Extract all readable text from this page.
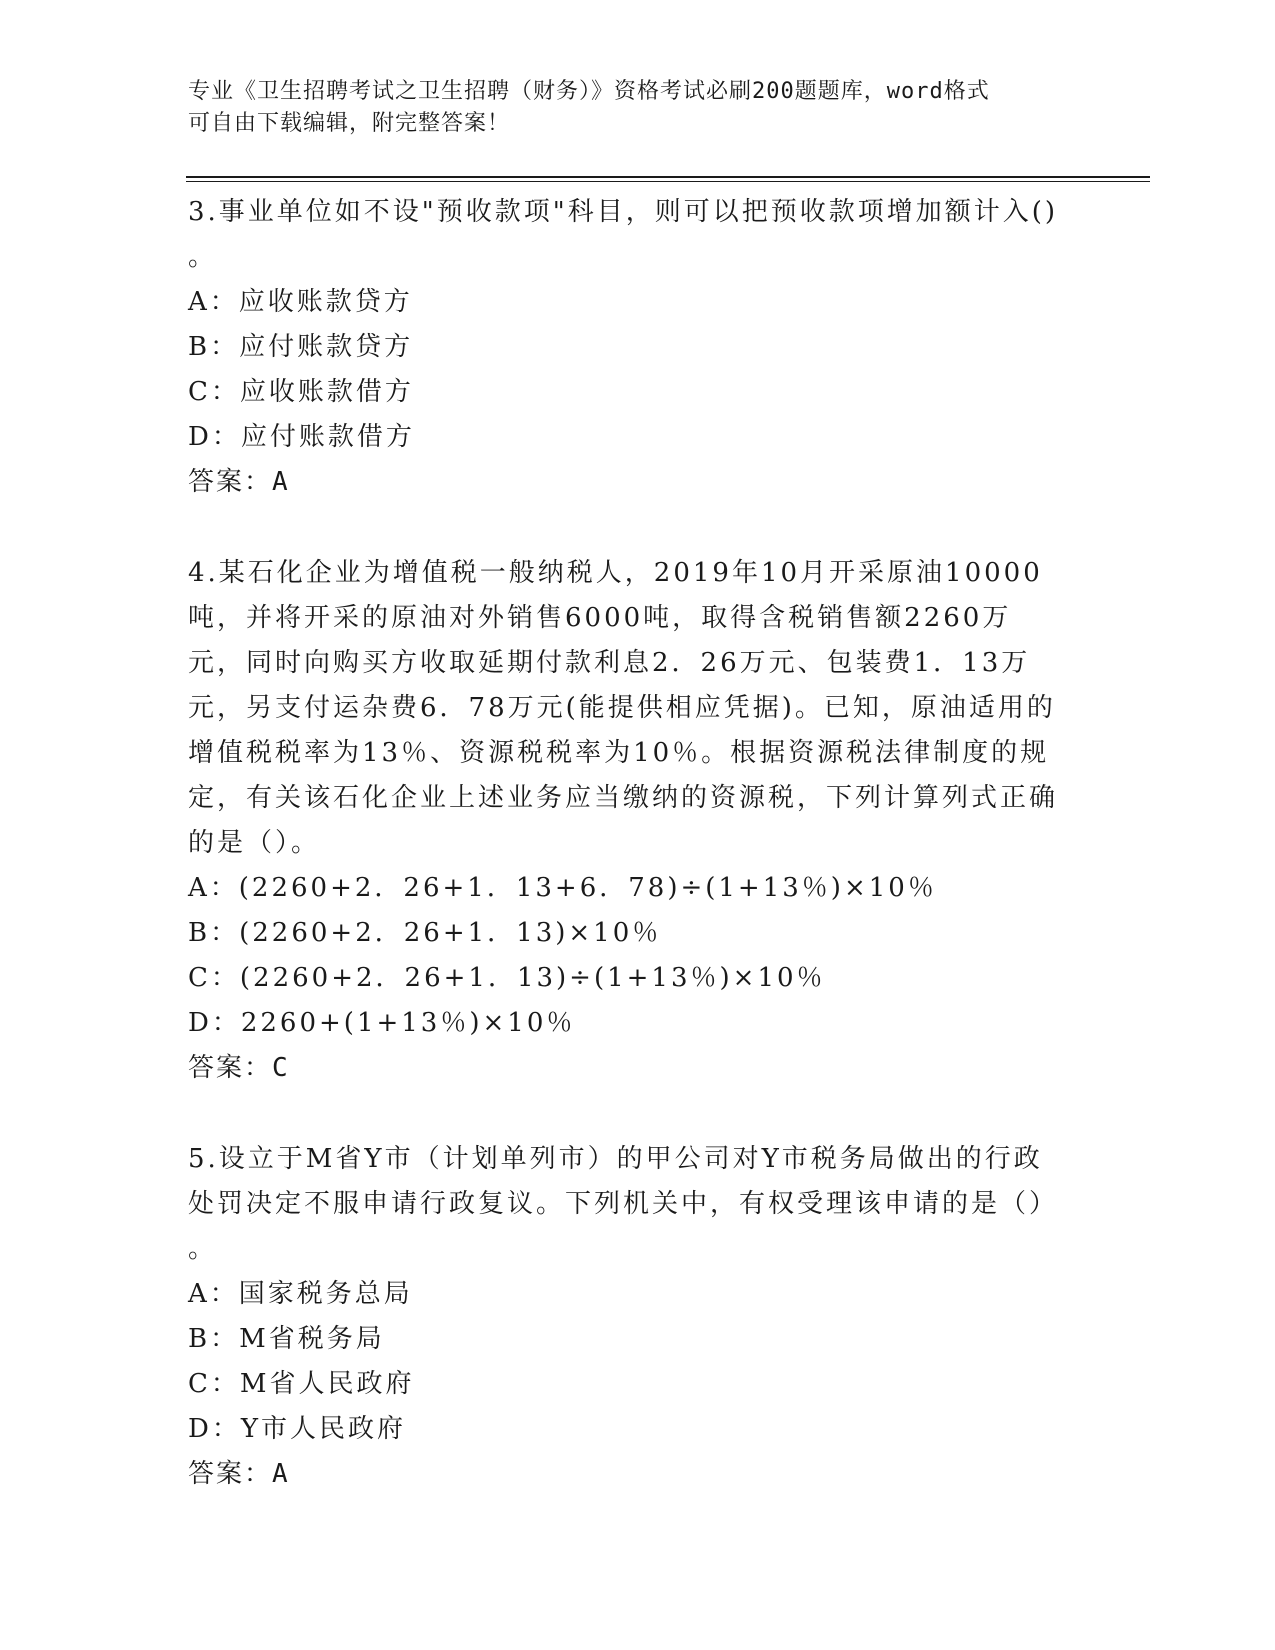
专业《卫生招聘考试之卫生招聘（财务）》资格考试必刷200题题库，word格式
可自由下载编辑，附完整答案！
3.事业单位如不设"预收款项"科目，则可以把预收款项增加额计入()
。
A：应收账款贷方
B：应付账款贷方
C：应收账款借方
D：应付账款借方
答案：A
4.某石化企业为增值税一般纳税人，2019年10月开采原油10000吨，并将开采的原油对外销售6000吨，取得含税销售额2260万元，同时向购买方收取延期付款利息2．26万元、包装费1．13万元，另支付运杂费6．78万元(能提供相应凭据)。已知，原油适用的增值税税率为13％、资源税税率为10％。根据资源税法律制度的规定，有关该石化企业上述业务应当缴纳的资源税，下列计算列式正确的是（）。
A：(2260+2．26+1．13+6．78)÷(1+13％)×10％
B：(2260+2．26+1．13)×10％
C：(2260+2．26+1．13)÷(1+13％)×10％
D：2260+(1+13％)×10％
答案：C
5.设立于M省Y市（计划单列市）的甲公司对Y市税务局做出的行政处罚决定不服申请行政复议。下列机关中，有权受理该申请的是（）
。
A：国家税务总局
B：M省税务局
C：M省人民政府
D：Y市人民政府
答案：A
